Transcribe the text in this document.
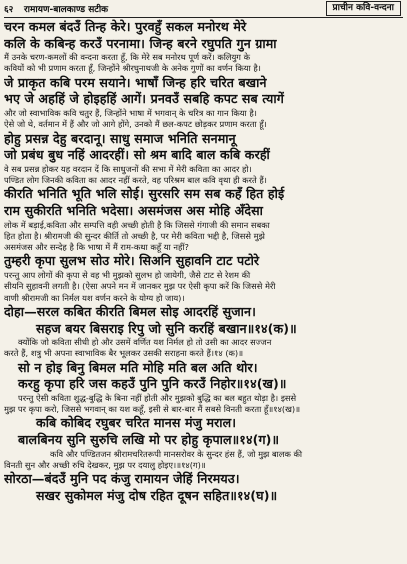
६२	रामायण-बालकाण्ड सटीक	प्राचीन कवि-वन्दना
चरन कमल बंदउँ तिन्ह केरे। पुरवहुँ सकल मनोरथ मेरे
कलि के कबिन्ह करउँ परनामा। जिन्ह बरने रघुपति गुन ग्रामा
मैं उनके चरण-कमलों की वन्दना करता हूँ, कि मेरे सब मनोरथ पूर्ण करें। कलियुग के
कवियों को भी प्रणाम करता हूँ, जिन्होंने श्रीरघुनाथजी के अनेक गुणों का वर्णन किया है।
जे प्राकृत कबि परम सयाने। भाषाँ जिन्ह हरि चरित बखाने
भए जे अहहिं जे होइहहिं आगें। प्रनवउँ सबहि कपट सब त्यागें
और जो स्वाभाविक कवि चतुर हैं, जिन्होंने भाषा में भगवान् के चरित्र का गान किया है।
ऐसे जो थे, वर्तमान में हैं और जो आगे होंगे, उनको मैं छल-कपट छोड़कर प्रणाम करता हूँ।
होहु प्रसन्न देहु बरदानू। साधु समाज भनिति सनमानू
जो प्रबंध बुध नहिं आदरहीं। सो श्रम बादि बाल कबि करहीं
वे सब प्रसन्न होकर यह वरदान दें कि साधुजनों की सभा में मेरी कविता का आदर हो।
पण्डित लोग जिनकी कविता का आदर नहीं करते, वह परिश्रम बाल कवि वृथा ही करते हैं।
कीरति भनिति भूति भलि सोई। सुरसरि सम सब कहँ हित होई
राम सुकीरति भनिति भदेसा। असमंजस अस मोहि अँदेसा
लोक में बड़ाई,कविता और सम्पत्ति वही अच्छी होती है कि जिससे गंगाजी की समान सबका
हित होता है। श्रीरामजी की सुन्दर कीर्ति तो अच्छी है, पर मेरी कविता भद्दी है, जिससे मुझे
असमंजस और सन्देह है कि भाषा में मैं राम-कथा कहूँ या नहीं?
तुम्हरी कृपा सुलभ सोउ मोरे। सिअनि सुहावनि टाट पटोरे
परन्तु आप लोगों की कृपा से वह भी मुझको सुलभ हो जायेगी, जैसे टाट से रेशम की
सीयनि सुहावनी लगती है। (ऐसा अपने मन में जानकर मुझ पर ऐसी कृपा करें कि जिससे मेरी
वाणी श्रीरामजी का निर्मल यश वर्णन करने के योग्य हो जाय)।
दोहा—सरल कबित कीरति बिमल सोइ आदरहिं सुजान।
सहज बयर बिसराइ रिपु जो सुनि करहिं बखान॥१४(क)॥
क्योंकि जो कविता सीधी हो और उसमें वर्णित यश निर्मल हो तो उसी का आदर सज्जन
करते हैं, शत्रु भी अपना स्वाभाविक बैर भूलकर उसकी सराहना करते हैं।१४ (क)॥
सो न होइ बिनु बिमल मति मोहि मति बल अति थोर।
करहु कृपा हरि जस कहउँ पुनि पुनि करउँ निहोर॥१४(ख)॥
परन्तु ऐसी कविता शुद्ध-बुद्धि के बिना नहीं होती और मुझको बुद्धि का बल बहुत थोड़ा है। इससे
मुझ पर कृपा करो, जिससे भगवान् का यश कहूँ, इसी से बार-बार मैं सबसे विनती करता हूँ॥१४(ख)॥
कबि कोबिद रघुबर चरित मानस मंजु मराल।
बालबिनय सुनि सुरुचि लखि मो पर होहु कृपाल॥१४(ग)॥
कवि और पण्डितजन श्रीरामचरितरूपी मानसरोवर के सुन्दर हंस हैं, जो मुझ बालक की
विनती सुन और अच्छी रुचि देखकर, मुझ पर दयालु होइए।॥१४(ग)॥
सोरठा—बंदउँ मुनि पद कंजु रामायन जेहिं निरमयउ।
सखर सुकोमल मंजु दोष रहित दूषन सहित॥१४(घ)॥
